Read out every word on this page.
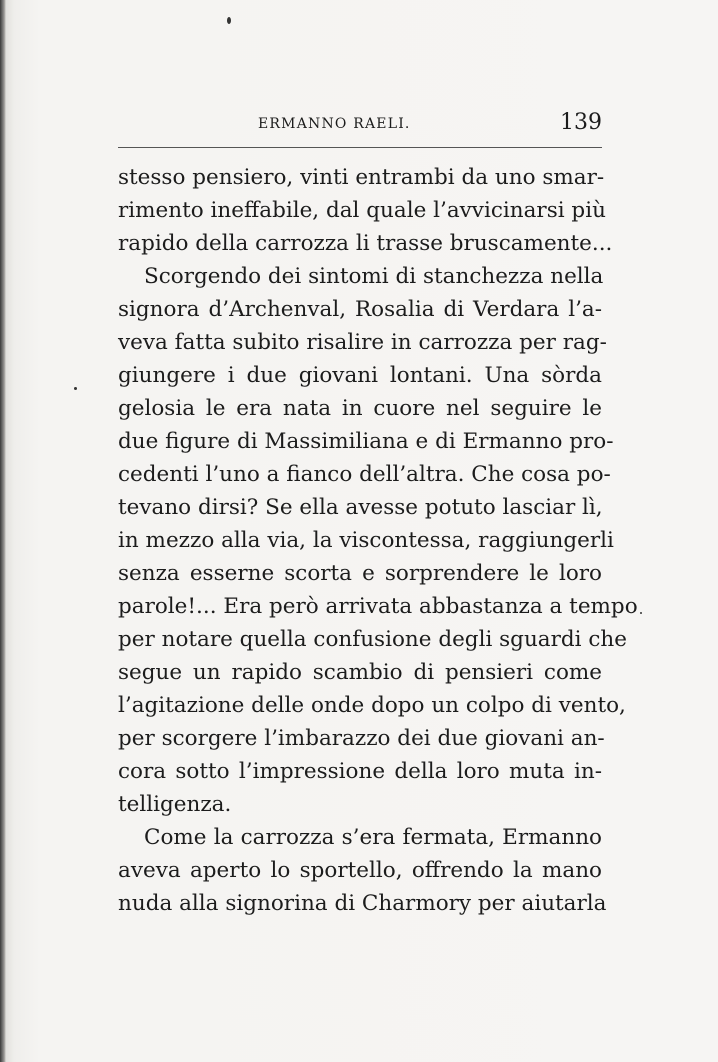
ERMANNO RAELI.	139
stesso pensiero, vinti entrambi da uno smar-
rimento ineffabile, dal quale l’avvicinarsi più
rapido della carrozza li trasse bruscamente...
Scorgendo dei sintomi di stanchezza nella
signora d’Archenval, Rosalia di Verdara l’a-
veva fatta subito risalire in carrozza per rag-
giungere i due giovani lontani. Una sòrda
gelosia le era nata in cuore nel seguire le
due figure di Massimiliana e di Ermanno pro-
cedenti l’uno a fianco dell’altra. Che cosa po-
tevano dirsi? Se ella avesse potuto lasciar lì,
in mezzo alla via, la viscontessa, raggiungerli
senza esserne scorta e sorprendere le loro
parole!... Era però arrivata abbastanza a tempo
per notare quella confusione degli sguardi che
segue un rapido scambio di pensieri come
l’agitazione delle onde dopo un colpo di vento,
per scorgere l’imbarazzo dei due giovani an-
cora sotto l’impressione della loro muta in-
telligenza.
Come la carrozza s’era fermata, Ermanno
aveva aperto lo sportello, offrendo la mano
nuda alla signorina di Charmory per aiutarla
